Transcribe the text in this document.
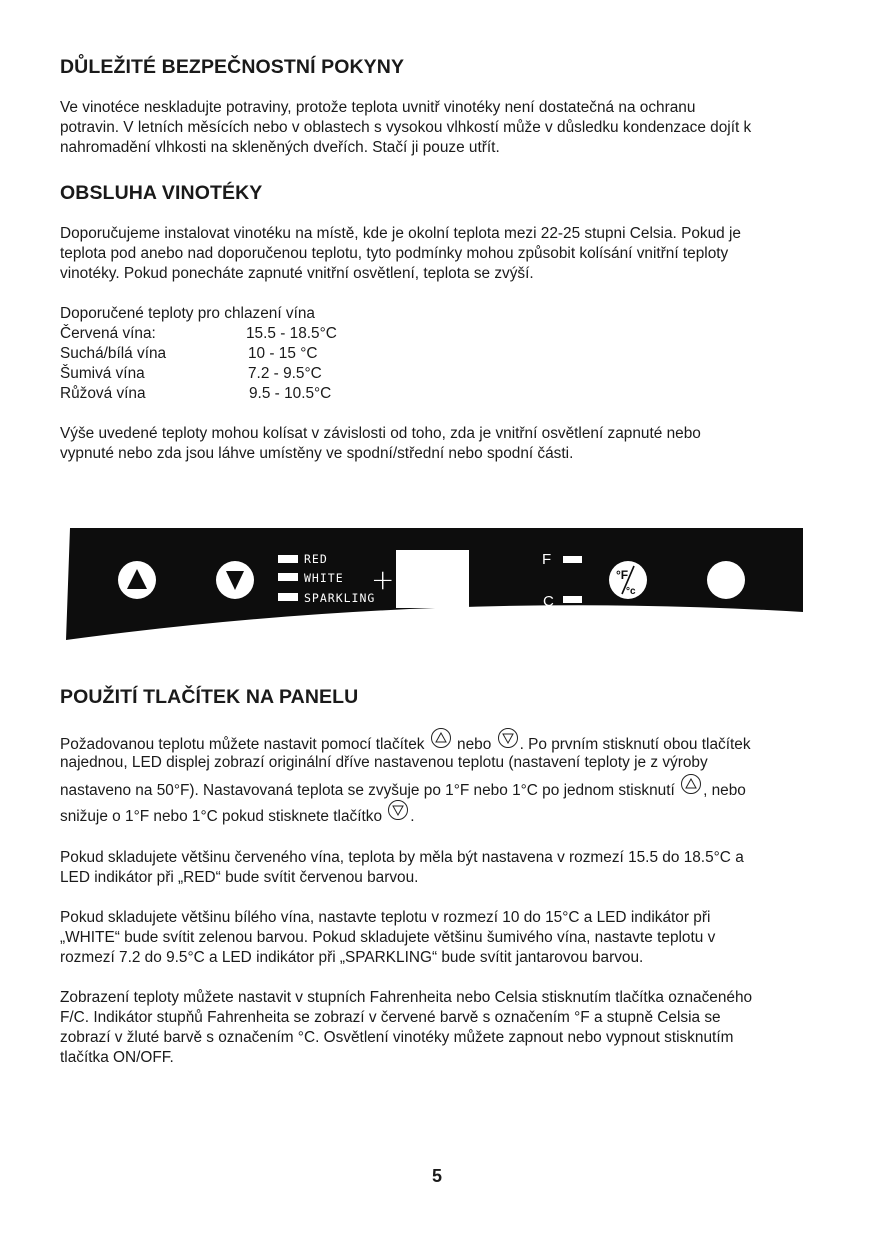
DŮLEŽITÉ BEZPEČNOSTNÍ POKYNY

Ve vinotéce neskladujte potraviny, protože teplota uvnitř vinotéky není dostatečná na ochranu
potravin. V letních měsících nebo v oblastech s vysokou vlhkostí může v důsledku kondenzace dojít k
nahromadění vlhkosti na skleněných dveřích. Stačí ji pouze utřít.

OBSLUHA VINOTÉKY

Doporučujeme instalovat vinotéku na místě, kde je okolní teplota mezi 22-25 stupni Celsia. Pokud je
teplota pod anebo nad doporučenou teplotu, tyto podmínky mohou způsobit kolísání vnitřní teploty
vinotéky. Pokud ponecháte zapnuté vnitřní osvětlení, teplota se zvýší.

Doporučené teploty pro chlazení vína
Červená vína:	15.5 - 18.5°C
Suchá/bílá vína	10 - 15 °C
Šumivá vína	7.2 - 9.5°C
Růžová vína	9.5 - 10.5°C

Výše uvedené teploty mohou kolísat v závislosti od toho, zda je vnitřní osvětlení zapnuté nebo
vypnuté nebo zda jsou láhve umístěny ve spodní/střední nebo spodní části.

RED
WHITE
SPARKLING
+
F
C
°F
°c
POUŽITÍ TLAČÍTEK NA PANELU
Požadovanou teplotu můžete nastavit pomocí tlačítek nebo . Po prvním stisknutí obou tlačítek
najednou, LED displej zobrazí originální dříve nastavenou teplotu (nastavení teploty je z výroby
nastaveno na 50°F). Nastavovaná teplota se zvyšuje po 1°F nebo 1°C po jednom stisknutí , nebo
snižuje o 1°F nebo 1°C pokud stisknete tlačítko .

Pokud skladujete většinu červeného vína, teplota by měla být nastavena v rozmezí 15.5 do 18.5°C a
LED indikátor při „RED“ bude svítit červenou barvou.

Pokud skladujete většinu bílého vína, nastavte teplotu v rozmezí 10 do 15°C a LED indikátor při
„WHITE“ bude svítit zelenou barvou. Pokud skladujete většinu šumivého vína, nastavte teplotu v
rozmezí 7.2 do 9.5°C a LED indikátor při „SPARKLING“ bude svítit jantarovou barvou.

Zobrazení teploty můžete nastavit v stupních Fahrenheita nebo Celsia stisknutím tlačítka označeného
F/C. Indikátor stupňů Fahrenheita se zobrazí v červené barvě s označením °F a stupně Celsia se
zobrazí v žluté barvě s označením °C. Osvětlení vinotéky můžete zapnout nebo vypnout stisknutím
tlačítka ON/OFF.

5
